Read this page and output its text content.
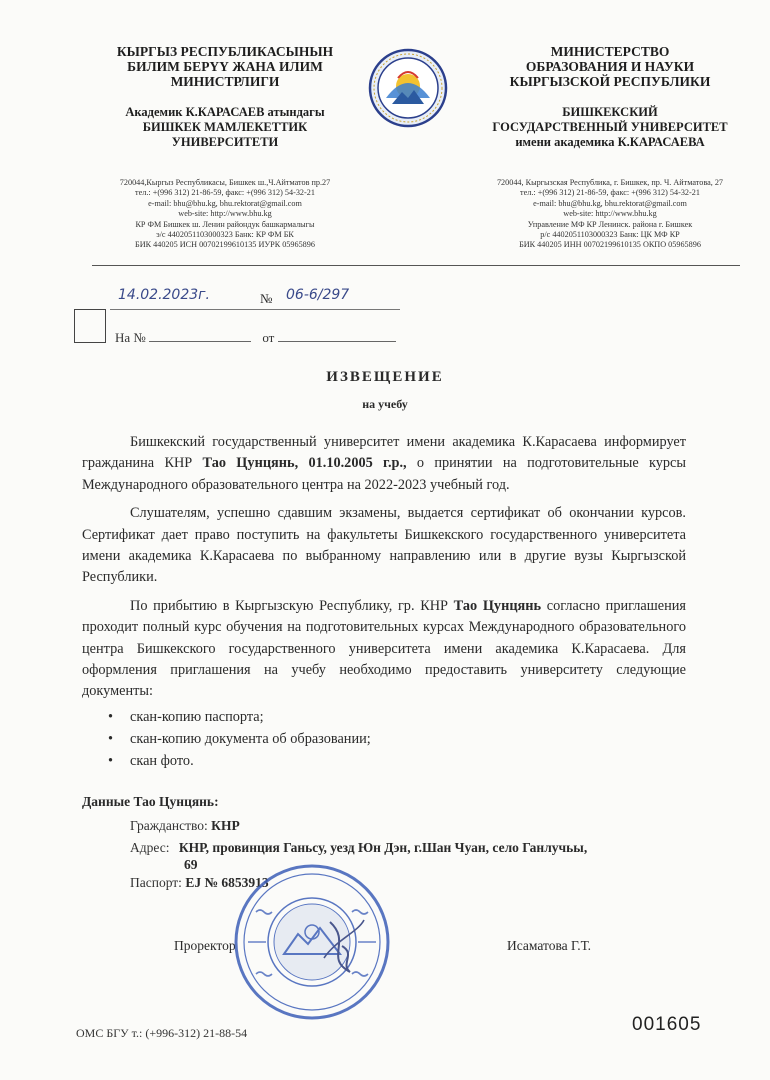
КЫРГЫЗ РЕСПУБЛИКАСЫНЫН
БИЛИМ БЕРҮҮ ЖАНА ИЛИМ
МИНИСТРЛИГИ
Академик К.КАРАСАЕВ атындагы
БИШКЕК МАМЛЕКЕТТИК
УНИВЕРСИТЕТИ
720044,Кыргыз Республикасы, Бишкек ш.,Ч.Айтматов пр.27
тел.: +(996 312) 21-86-59, факс: +(996 312) 54-32-21
e-mail: bhu@bhu.kg, bhu.rektorat@gmail.com
web-site: http://www.bhu.kg
КР ФМ Бишкек ш. Ленин райондук башкармалыгы
э/с 4402051103000323 Банк: КР ФМ БК
БИК 440205 ИСН 00702199610135 ИУРК 05965896
МИНИСТЕРСТВО
ОБРАЗОВАНИЯ И НАУКИ
КЫРГЫЗСКОЙ РЕСПУБЛИКИ
БИШКЕКСКИЙ
ГОСУДАРСТВЕННЫЙ УНИВЕРСИТЕТ
имени академика К.КАРАСАЕВА
720044, Кыргызская Республика, г. Бишкек, пр. Ч. Айтматова, 27
тел.: +(996 312) 21-86-59, факс: +(996 312) 54-32-21
e-mail: bhu@bhu.kg, bhu.rektorat@gmail.com
web-site: http://www.bhu.kg
Управление МФ КР Ленинск. района г. Бишкек
р/с 4402051103000323 Банк: ЦК МФ КР
БИК 440205 ИНН 00702199610135 ОКПО 05965896
14.02.2023г.	№ 06-6/297
На №	от
ИЗВЕЩЕНИЕ
на учебу

Бишкекский государственный университет имени академика К.Карасаева информирует гражданина КНР Тао Цунцянь, 01.10.2005 г.р., о принятии на подготовительные курсы Международного образовательного центра на 2022-2023 учебный год.

Слушателям, успешно сдавшим экзамены, выдается сертификат об окончании курсов. Сертификат дает право поступить на факультеты Бишкекского государственного университета имени академика К.Карасаева по выбранному направлению или в другие вузы Кыргызской Республики.

По прибытию в Кыргызскую Республику, гр. КНР Тао Цунцянь согласно приглашения проходит полный курс обучения на подготовительных курсах Международного образовательного центра Бишкекского государственного университета имени академика К.Карасаева. Для оформления приглашения на учебу необходимо предоставить университету следующие документы:

• скан-копию паспорта;
• скан-копию документа об образовании;
• скан фото.
Данные Тао Цунцянь:
Гражданство: КНР
Адрес: КНР, провинция Ганьсу, уезд Юн Дэн, г.Шан Чуан, село Ганлучьы,
69
Паспорт: EJ № 6853913
Проректор	Исаматова Г.Т.
ОМС БГУ т.: (+996-312) 21-88-54	001605
